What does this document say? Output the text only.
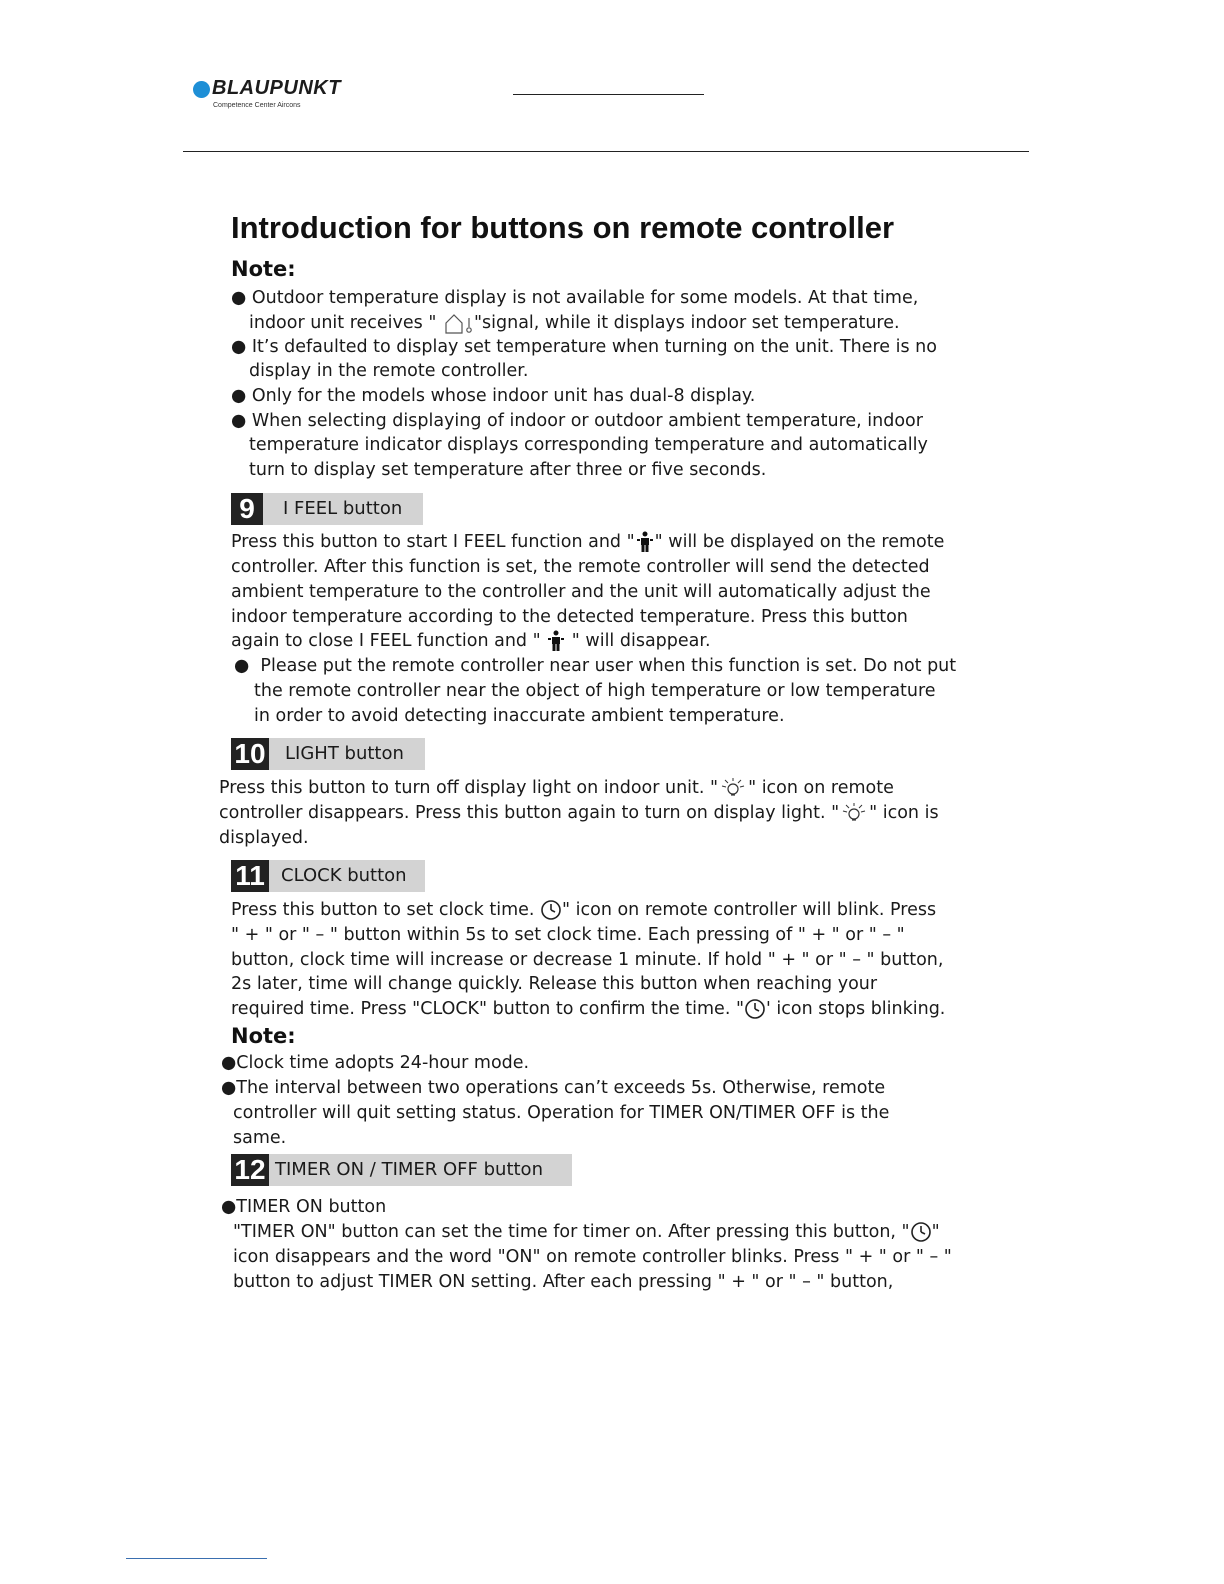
BLAUPUNKT
Competence Center Aircons
Introduction for buttons on remote controller
Note:
● Outdoor temperature display is not available for some models. At that time,
indoor unit receives " "signal, while it displays indoor set temperature.
● It’s defaulted to display set temperature when turning on the unit. There is no
display in the remote controller.
● Only for the models whose indoor unit has dual-8 display.
● When selecting displaying of indoor or outdoor ambient temperature, indoor
temperature indicator displays corresponding temperature and automatically
turn to display set temperature after three or five seconds.
9	I FEEL button
Press this button to start I FEEL function and " " will be displayed on the remote
controller. After this function is set, the remote controller will send the detected
ambient temperature to the controller and the unit will automatically adjust the
indoor temperature according to the detected temperature. Press this button
again to close I FEEL function and "  " will disappear.
● Please put the remote controller near user when this function is set. Do not put
the remote controller near the object of high temperature or low temperature
in order to avoid detecting inaccurate ambient temperature.
10 LIGHT button
Press this button to turn off display light on indoor unit. " " icon on remote
controller disappears. Press this button again to turn on display light. " " icon is
displayed.
11 CLOCK button
Press this button to set clock time. " icon on remote controller will blink. Press
" + " or " – " button within 5s to set clock time. Each pressing of " + " or " – "
button, clock time will increase or decrease 1 minute. If hold " + " or " – " button,
2s later, time will change quickly. Release this button when reaching your
required time. Press "CLOCK" button to confirm the time. " ' icon stops blinking.
Note:
●Clock time adopts 24-hour mode.
●The interval between two operations can’t exceeds 5s. Otherwise, remote
controller will quit setting status. Operation for TIMER ON/TIMER OFF is the
same.
12 TIMER ON / TIMER OFF button
●TIMER ON button
"TIMER ON" button can set the time for timer on. After pressing this button, " "
icon disappears and the word "ON" on remote controller blinks. Press " + " or " – "
button to adjust TIMER ON setting. After each pressing " + " or " – " button,
